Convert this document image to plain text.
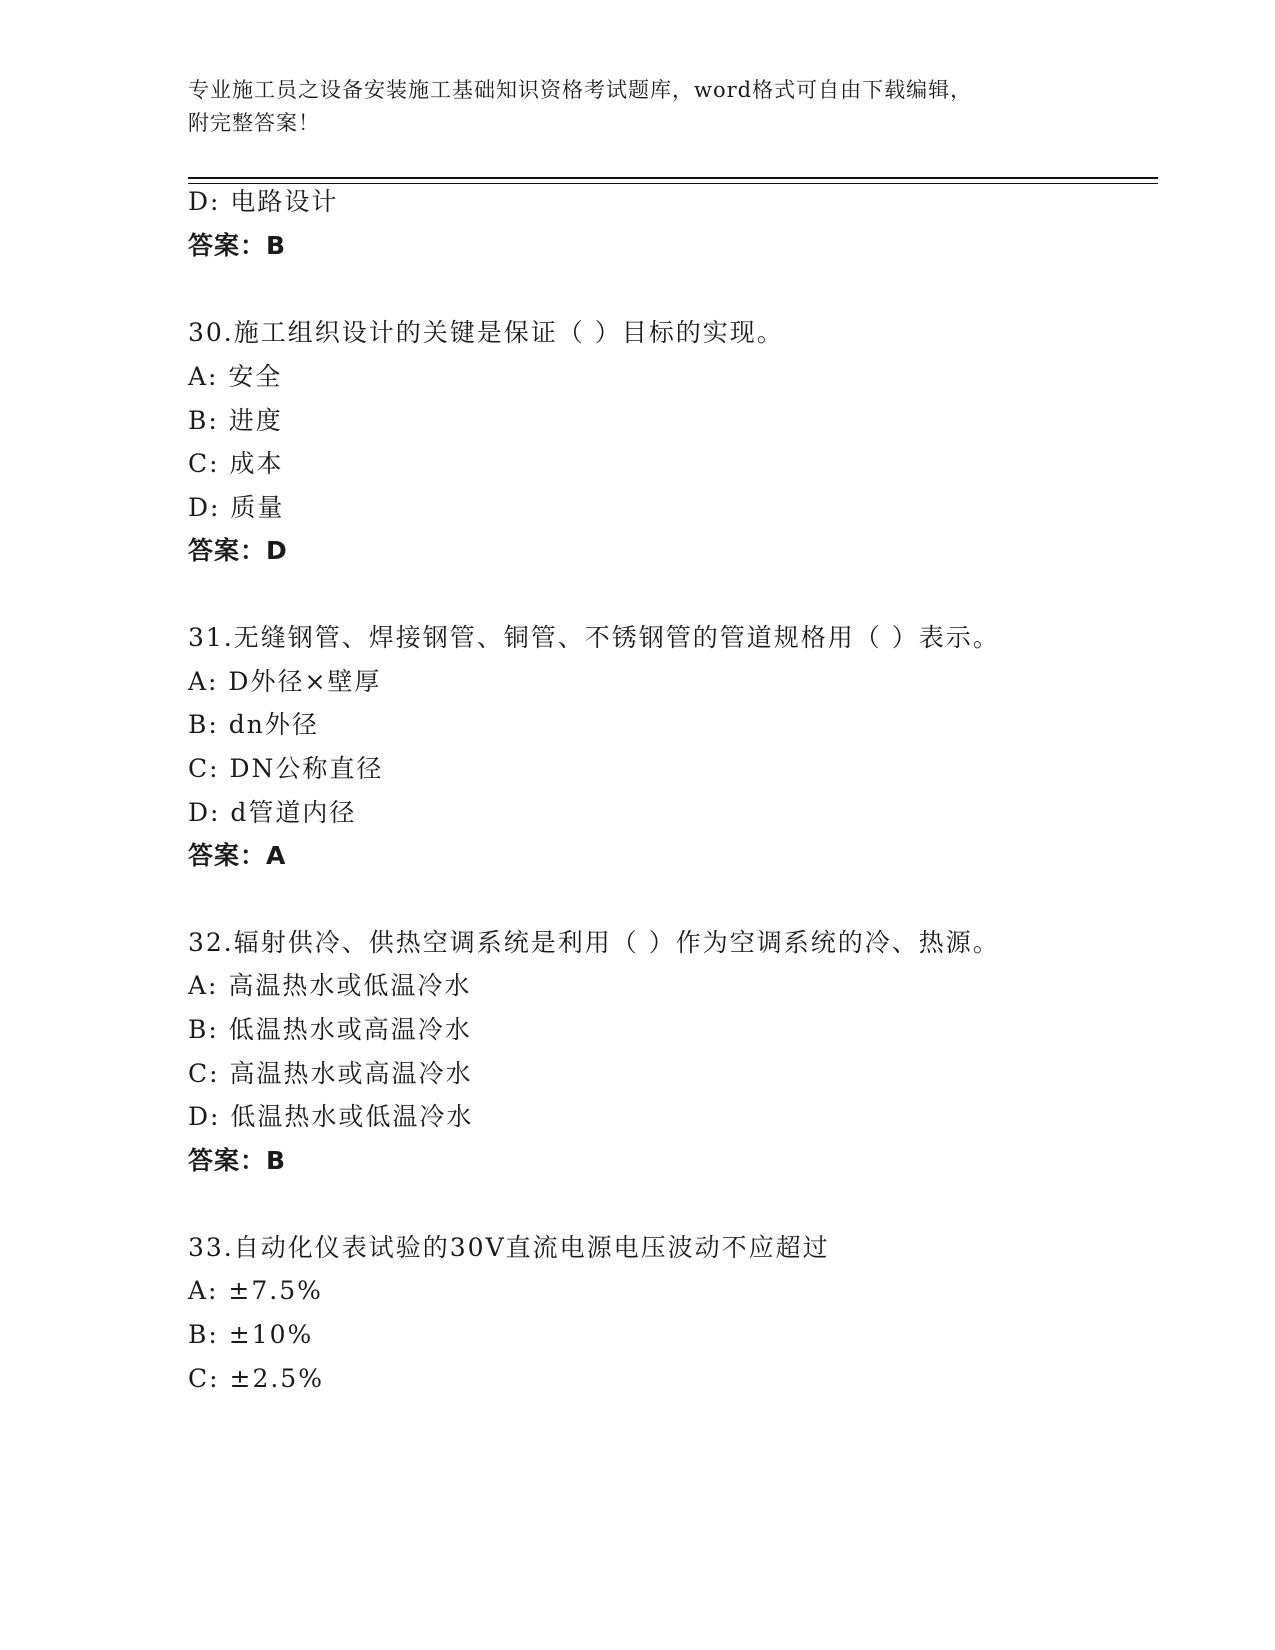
专业施工员之设备安装施工基础知识资格考试题库，word格式可自由下载编辑，
附完整答案！
D: 电路设计
答案：B
30.施工组织设计的关键是保证（ ）目标的实现。
A: 安全
B: 进度
C: 成本
D: 质量
答案：D
31.无缝钢管、焊接钢管、铜管、不锈钢管的管道规格用（ ）表示。
A: D外径×壁厚
B: dn外径
C: DN公称直径
D: d管道内径
答案：A
32.辐射供冷、供热空调系统是利用（ ）作为空调系统的冷、热源。
A: 高温热水或低温冷水
B: 低温热水或高温冷水
C: 高温热水或高温冷水
D: 低温热水或低温冷水
答案：B
33.自动化仪表试验的30V直流电源电压波动不应超过
A: ±7.5%
B: ±10%
C: ±2.5%
